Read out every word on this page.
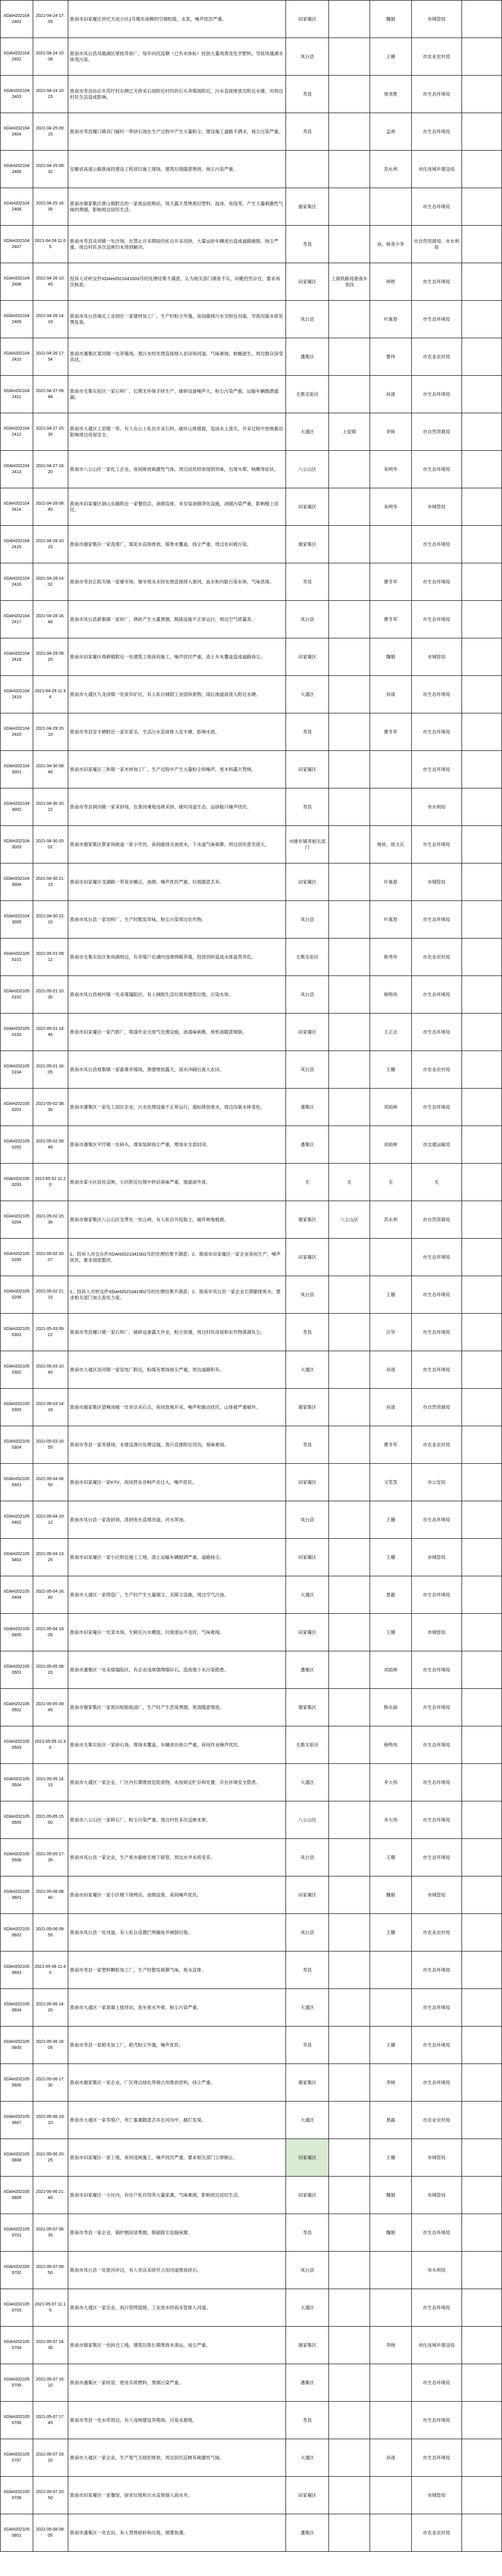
XDAH2021042401	2021-04-24 17:35	淮南市田家庵区世纪天成小区1号楼东南侧的空调机组，水泵，噪声扰民严重。	田家庵区		魏娟	市城管局	
XDAH2021042402	2021-04-24 10:08	淮南市凤台县凤凰湖区紧挨养鱼厂，每年向沉淀塘（已有水体标）投放大量鸡粪及化学肥料，导致凤凰湖水体受污染。	凤台县		王珊	市农业农村局	
XDAH2021042403	2021-04-24 10:23	淮南市寿县孙店乡芮圩村东侧已关停采石场附近村民的石头养殖场附近，污水直接排放至附近水塘，对周边村民生活造成影响。	寿县		周尧胜	市生态环境局	
XDAH2021042404	2021-04-25 09:15	淮南市寿县堰口镇双门铺村一带砂石场在生产过程中产生大量粉尘，建设施工道路不洒水，扬尘污染严重。	寿县		孟帅	市生态环境局	
XDAH2021042405	2021-04-25 09:32	安徽省高速公路淮南段建设工程项目施工现场，建筑垃圾随意堆放、扬尘污染严重。			苏永利	市住房城乡建设局	
XDAH2021042406	2021-04-25 16:35	淮南市谢家集区唐山镇附近的一家废品收购站，每天露天焚烧废旧塑料、泡沫、电线等，产生大量刺激性气味的黑烟，影响周边居民生活。	谢家集区			市生态环境局	
XDAH2021042407	2021-04-26 11:05	淮南市寿县炎刘镇一处沙场，在禁止开采期间仍私自开采河砂，大量运砂车辆进出造成道路破损、扬尘严重，周边村民多次反映均未得到解决。	寿县		孙。杨青小李	市自然资源局、市水利局	
XDAH2021042408	2021-04-26 10:45	投诉人对转交件XDAH2021041003号的处理结果不满意，认为相关部门调查不实，问题仍然存在，要求再次核查。	田家庵区	上海铁路局淮南车务段	钟婷	市生态环境局	
XDAH2021042409	2021-04-26 14:10	淮南市凤台县城北工业园区一家建材加工厂，生产时粉尘外逸，夜间偷排污水至附近沟渠，导致沟渠水体发黑发臭。	凤台县		叶寓春	市生态环境局	
XDAH2021042410	2021-04-26 17:54	淮南市潘集区架河镇一处养殖场，粪污未经处理直接排入农田和河道，气味难闻，蚊蝇滋生，周边群众深受其扰。	潘集区		曹伟	市农业农村局	
XDAH2021042411	2021-04-27 09:48	淮南市毛集实验区一家石料厂，长期无环保手续生产，破碎设备噪声大，粉尘污染严重，运输车辆抛洒遗漏。	毛集实验区		孙清	市生态环境局	
XDAH2021042412	2021-04-27 15:30	淮南市大通区上窑镇一带，有人在山上私自开采石料，破坏山体植被，造成水土流失，开采过程中放炮震动影响周边房屋安全。	大通区	上窑镇	李锐	市自然资源局	
XDAH2021042413	2021-04-27 16:20	淮南市八公山区一家化工企业，夜间排放刺激性气体，周边居民经常闻到异味，出现头晕、咳嗽等症状。	八公山区		朱明华	市生态环境局	
XDAH2021042414	2021-04-28 08:40	淮南市田家庵区洞山东路附近一家餐饮店，油烟直排，未安装油烟净化设施，油烟污染严重，影响楼上居民。	田家庵区		朱明华	市城管局	
XDAH2021042415	2021-04-28 10:15	淮南市谢家集区一家洗煤厂，煤泥水直接排放，煤堆未覆盖，扬尘严重，周边农田被污染。	谢家集区			市生态环境局	
XDAH2021042416	2021-04-28 14:02	淮南市寿县正阳关镇一家屠宰场，屠宰废水未经处理直接排入淮河，血水和内脏污染水体，气味恶臭。	寿县		曹冬军	市生态环境局	
XDAH2021042417	2021-04-28 16:48	淮南市凤台县新集镇一家砖厂，烧砖产生大量黑烟，脱硫设施不正常运行，周边空气质量差。	凤台县		曹冬军	市生态环境局	
XDAH2021042418	2021-04-29 09:20	淮南市田家庵区舜耕镇附近一处建筑工地夜间施工，噪声扰民严重，渣土车未覆盖造成道路扬尘。	田家庵区		魏娟	市城管局	
XDAH2021042419	2021-04-29 11:34	淮南市大通区九龙岗镇一处废弃矿区，有人私自倾倒工业固体废物，雨后渗滤液流入附近水塘。	大通区		孙清	市生态环境局	
XDAH2021042420	2021-04-29 15:10	淮南市寿县安丰塘附近一家农家乐，生活污水直接排入安丰塘，影响水质。	寿县		曹冬军	市生态环境局	
XDAH2021043001	2021-04-30 08:46	淮南市田家庵区三和镇一家木材加工厂，生产过程中产生大量粉尘和噪声，废木料露天焚烧。	田家庵区			市生态环境局	
XDAH2021043002	2021-04-30 10:22	淮南市寿县涧沟镇一家采砂场，在淮河滩地违规采砂，破坏河道生态，运砂船只噪声扰民。	寿县			市水利局	
XDAH2021043003	2021-04-30 20:02	淮南市谢家集区蔡家岗街道一家小作坊，夜间偷排含油废水，下水道气味刺鼻，周边居民意见很大。	市辖乡镇等相关部门		杨娃、徐文兵	市生态环境局	
XDAH2021043004	2021-04-30 21:15	淮南市田家庵区龙湖路一带夜市摊点，油烟、噪声扰民严重，垃圾随意丢弃。	田家庵区		叶寓春	市城管局	
XDAH2021043005	2021-04-30 22:10	淮南市凤台县一家饲料厂，生产时散发异味，粉尘污染周边农作物。	凤台县		叶寓春	市生态环境局	
XDAH2021050101	2021-05-01 09:12	淮南市毛集实验区焦岗湖周边，有养殖户在湖内违规网箱养殖，投放饲料造成水体富营养化。	毛集实验区		熊秀华	市农业农村局	
XDAH2021050102	2021-05-01 10:30	淮南市凤台县杨村镇一处采煤塌陷区，有人倾倒生活垃圾和建筑垃圾，污染水体。	凤台县		杨鸣伟	市生态环境局	
XDAH2021050103	2021-05-01 14:46	淮南市田家庵区一家汽修厂，喷漆作业无废气处理设施，油漆味刺鼻，废机油随意倾倒。	田家庵区		王正达	市生态环境局	
XDAH2021050104	2021-05-01 16:05	淮南市凤台县桂集镇一家畜禽养殖场，粪便堆放露天，雨水冲刷后流入农田。	凤台县		王珊	市农业农村局	
XDAH2021050201	2021-05-02 08:30	淮南市潘集区一家化工园区企业，污水处理设施不正常运行，超标排放废水，周边沟渠水体变色。	潘集区		刘雨林	市生态环境局	
XDAH2021050202	2021-05-02 09:48	淮南市潘集区平圩镇一处码头，煤炭装卸扬尘严重，堆场未全部封闭。	潘集区		刘雨林	市交通运输局	
XDAH2021050203	2021-05-02 11:20	淮南市某小区居民反映，小区附近垃圾中转站臭味严重，渗滤液外流。	无	无	无	无	
XDAH2021050204	2021-05-02 15:36	淮南市谢家集区八公山区交界处一处山林，有人私自开挖取土，破坏林地植被。	谢家集区	八公山区	苏永利	市自然资源局	
XDAH2021050205	2021-05-02 20:07	1、投诉人对交办件XDAH2021041501号的处理结果不满意；2、淮南市田家庵区一家企业夜间生产，噪声扰民，要求彻底整改。	田家庵区			市生态环境局	
XDAH2021050206	2021-05-02 21:15	1、投诉人对转交件XDAH2021041902号的处理结果不满意；2、淮南市凤台县一家企业长期偷排废水，要求相关部门加大查处力度。	凤台县		王珊	市生态环境局	
XDAH2021050301	2021-05-03 09:22	淮南市寿县堰口镇一家石料厂，破碎设备露天作业，粉尘弥漫，周边村民房屋和农作物落满灰尘。	寿县		汪华	市生态环境局	
XDAH2021050302	2021-05-03 10:40	淮南市大通区洛河镇一家发电厂附近，粉煤灰堆场扬尘严重，周边道路积灰。	大通区		孙清	市生态环境局	
XDAH2021050303	2021-05-03 14:18	淮南市谢家集区望峰岗镇一处非法采石点，夜间放炮开采，噪声和震动扰民，山体被严重破坏。	谢家集区		孙清	市自然资源局	
XDAH2021050304	2021-05-03 16:55	淮南市寿县一家养猪场，未建设粪污处理设施，粪污直排附近河沟，臭味难闻。	寿县		曹冬军	市农业农村局	
XDAH2021050401	2021-05-04 08:50	淮南市田家庵区一家KTV，夜间营业音响声音过大，噪声扰民。	田家庵区		文笑笑	市公安局	
XDAH2021050402	2021-05-04 10:12	淮南市凤台县一家洗砂场，洗砂废水直排河道，河水浑浊。	凤台县		王珊	市生态环境局	
XDAH2021050403	2021-05-04 13:25	淮南市田家庵区一家小区附近施工工地，渣土运输车辆抛洒严重，道路扬尘。	田家庵区		王珊	市城管局	
XDAH2021050404	2021-05-04 16:40	淮南市大通区一家铸造厂，生产时产生大量烟尘，无除尘设施，周边空气污浊。	大通区		聂磊	市生态环境局	
XDAH2021050405	2021-05-04 19:05	淮南市田家庵区一处菜市场，生鲜区污水横流，垃圾清运不及时，气味难闻。	田家庵区		王珊	市城管局	
XDAH2021050501	2021-05-05 08:20	淮南市潘集区一处采煤塌陷区，有企业违规填埋煤矸石，造成地下水污染隐患。	潘集区		刘雨林	市生态环境局	
XDAH2021050502	2021-05-05 09:45	淮南市谢家集区一家废旧轮胎炼油厂，生产时产生恶臭黑烟，废渣随意堆放。	谢家集区		韩永丽	市生态环境局	
XDAH2021050503	2021-05-05 11:30	淮南市毛集实验区一家砂石场，堆场未覆盖，车辆进出扬尘严重，夜间作业噪声扰民。	毛集实验区		杨鸣伟	市生态环境局	
XDAH2021050504	2021-05-05 14:15	淮南市大通区一家企业，厂区内长期堆放危险废物，未按规定贮存和处置，存在环境安全隐患。	大通区		李大伟	市生态环境局	
XDAH2021050505	2021-05-05 15:50	淮南市八公山区一家碎石厂，粉尘污染严重，周边村民多次反映未果。	八公山区		李大伟	市生态环境局	
XDAH2021050506	2021-05-05 17:35	淮南市凤台县一家企业，生产废水偷排至地下暗管，周边水井水质变差。	凤台县		王珊	市生态环境局	
XDAH2021050601	2021-05-06 08:40	淮南市田家庵区一家小区楼下烧烤店，油烟直排，夜间噪声扰民。	田家庵区		魏娟	市城管局	
XDAH2021050602	2021-05-06 09:55	淮南市凤台县一处河道，有人私自设置拦网捕鱼并倾倒垃圾。	凤台县		王珊	市农业农村局	
XDAH2021050603	2021-05-06 11:40	淮南市寿县一家塑料颗粒加工厂，生产时散发刺鼻气味，废水直排。	寿县			市生态环境局	
XDAH2021050604	2021-05-06 14:20	淮南市大通区一家混凝土搅拌站，洗车废水外排，粉尘污染严重。	大通区			市生态环境局	
XDAH2021050605	2021-05-06 16:05	淮南市寿县一家稻米加工厂，稻壳粉尘外逸，噪声扰民。	寿县		王珊	市生态环境局	
XDAH2021050606	2021-05-06 17:30	淮南市谢家集区一家企业，厂区周边绿化带被占用堆放原料，扬尘严重。	谢家集区		李晓	市生态环境局	
XDAH2021050607	2021-05-06 19:10	淮南市大通区一家养殖户，死亡畜禽随意丢弃在河沟中，腐烂发臭。	大通区		聂磊	市农业农村局	
XDAH2021050608	2021-05-06 20:25	淮南市田家庵区一家工地，夜间违规施工，噪声扰民严重，要求相关部门立即制止。	田家庵区		王珊	市城管局	
XDAH2021050609	2021-05-06 21:40	淮南市田家庵区一小区内，有住户私自饲养大量家禽，气味难闻，影响周边居民生活。	田家庵区		魏娟	市城管局	
XDAH2021050701	2021-05-07 08:35	淮南市寿县一家企业，锅炉烟囱冒黑烟，脱硫除尘设施闲置。	寿县		魏娟	市生态环境局	
XDAH2021050702	2021-05-07 09:50	淮南市凤台县一处淮河岸边，有人非法采砂并占用河道堆放砂石。	凤台县			市水利局	
XDAH2021050703	2021-05-07 11:15	淮南市大通区一家企业，雨污管网混接，工业废水经雨水管排入河道。	大通区			市生态环境局	
XDAH2021050704	2021-05-07 14:30	淮南市谢家集区一处拆迁工地，建筑垃圾长期堆放未清运，扬尘严重。	谢家集区		李晓	市住房城乡建设局	
XDAH2021050705	2021-05-07 16:10	淮南市潘集区一家砖窑，使用劣质燃料，黑烟污染严重。	潘集区			市生态环境局	
XDAH2021050706	2021-05-07 17:45	淮南市寿县一处水库周边，有人违规建设养殖场，污染水源地。	寿县			市生态环境局	
XDAH2021050707	2021-05-07 19:20	淮南市大通区一家企业，生产废气无组织排放，周边居民反映有刺激性气味。	大通区		孙清	市生态环境局	
XDAH2021050708	2021-05-07 20:50	淮南市田家庵区一家餐馆，厨余垃圾和污水直接倒入雨水井。	田家庵区			市城管局	
XDAH2021050801	2021-05-08 09:05	淮南市潘集区一处农田，有人焚烧秸秆和垃圾，烟雾弥漫。	潘集区			市农业农村局	
